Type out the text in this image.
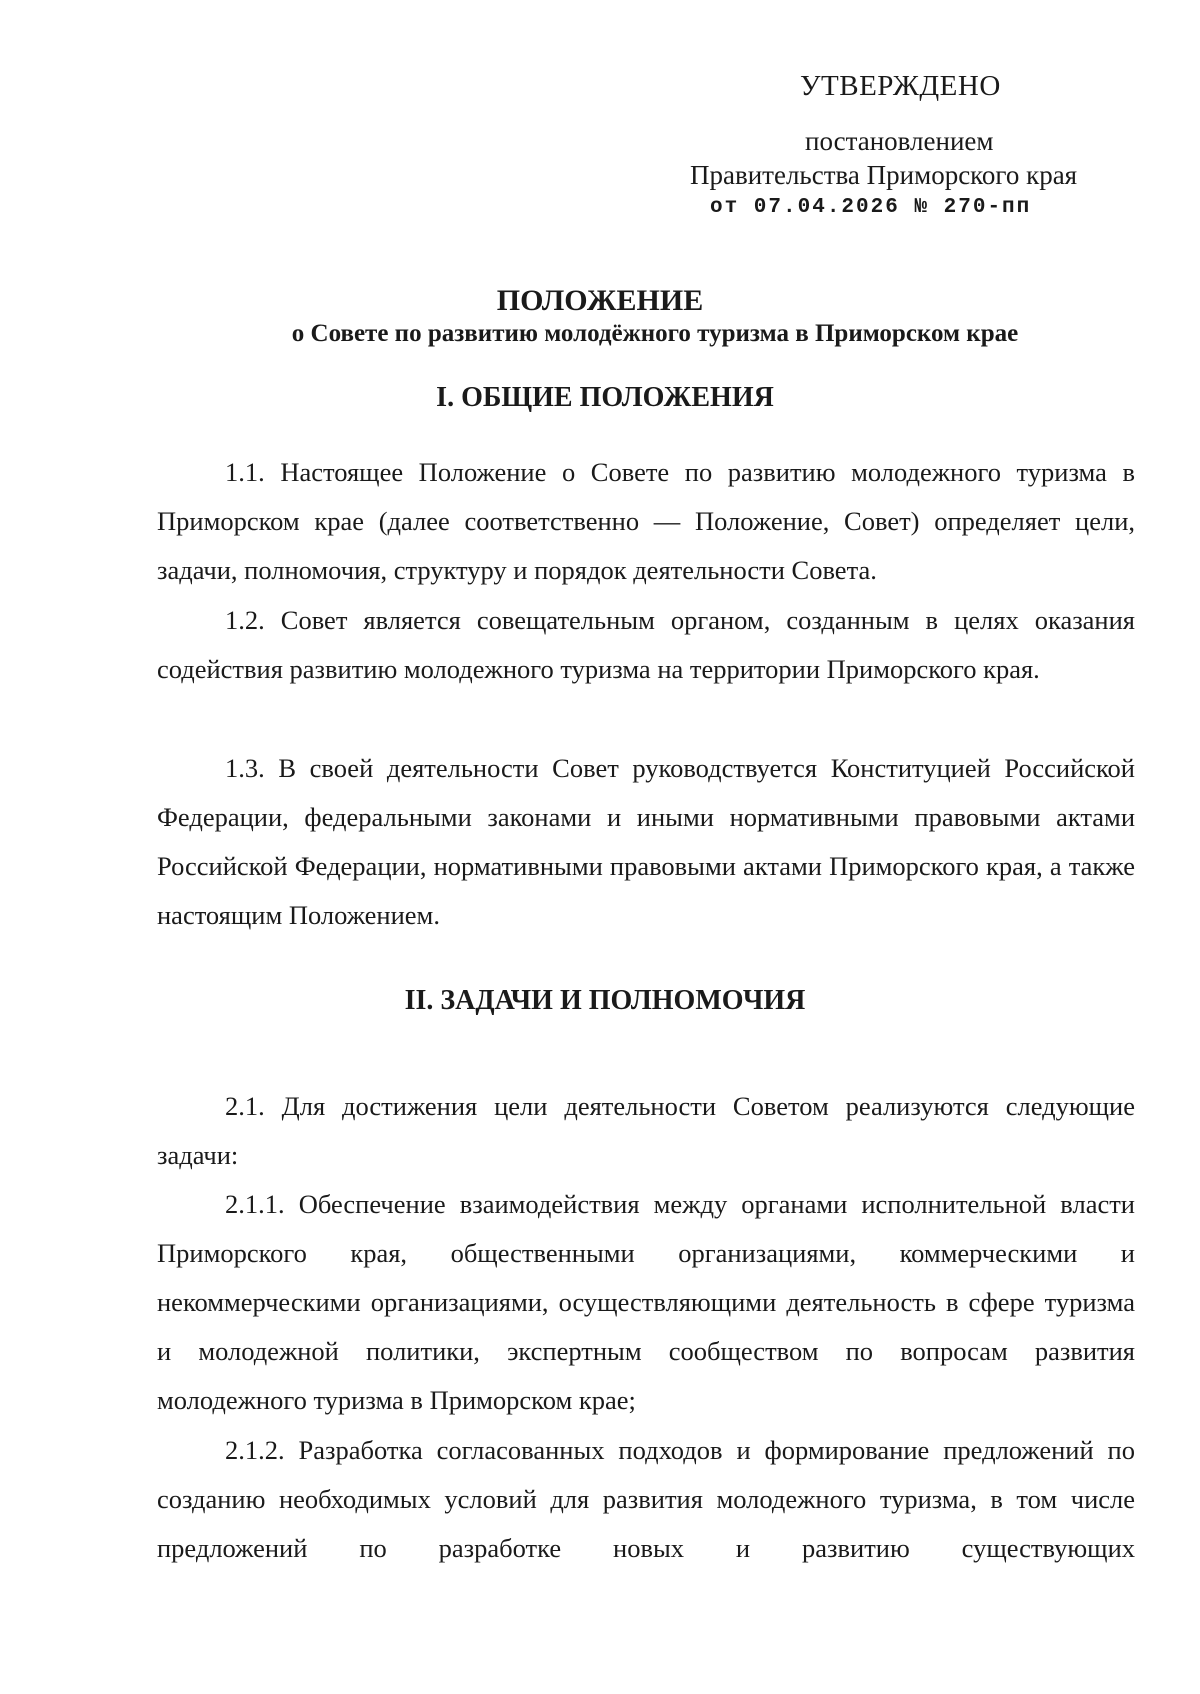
УТВЕРЖДЕНО
постановлением
Правительства Приморского края
от 07.04.2026 № 270-пп
ПОЛОЖЕНИЕ
о Совете по развитию молодёжного туризма в Приморском крае
I. ОБЩИЕ ПОЛОЖЕНИЯ
1.1. Настоящее Положение о Совете по развитию молодежного туризма в Приморском крае (далее соответственно — Положение, Совет) определяет цели, задачи, полномочия, структуру и порядок деятельности Совета.
1.2. Совет является совещательным органом, созданным в целях оказания содействия развитию молодежного туризма на территории Приморского края.
1.3. В своей деятельности Совет руководствуется Конституцией Российской Федерации, федеральными законами и иными нормативными правовыми актами Российской Федерации, нормативными правовыми актами Приморского края, а также настоящим Положением.
II. ЗАДАЧИ И ПОЛНОМОЧИЯ
2.1. Для достижения цели деятельности Советом реализуются следующие задачи:
2.1.1. Обеспечение взаимодействия между органами исполнительной власти Приморского края, общественными организациями, коммерческими и некоммерческими организациями, осуществляющими деятельность в сфере туризма и молодежной политики, экспертным сообществом по вопросам развития молодежного туризма в Приморском крае;
2.1.2. Разработка согласованных подходов и формирование предложений по созданию необходимых условий для развития молодежного туризма, в том числе предложений по разработке новых и развитию существующих
